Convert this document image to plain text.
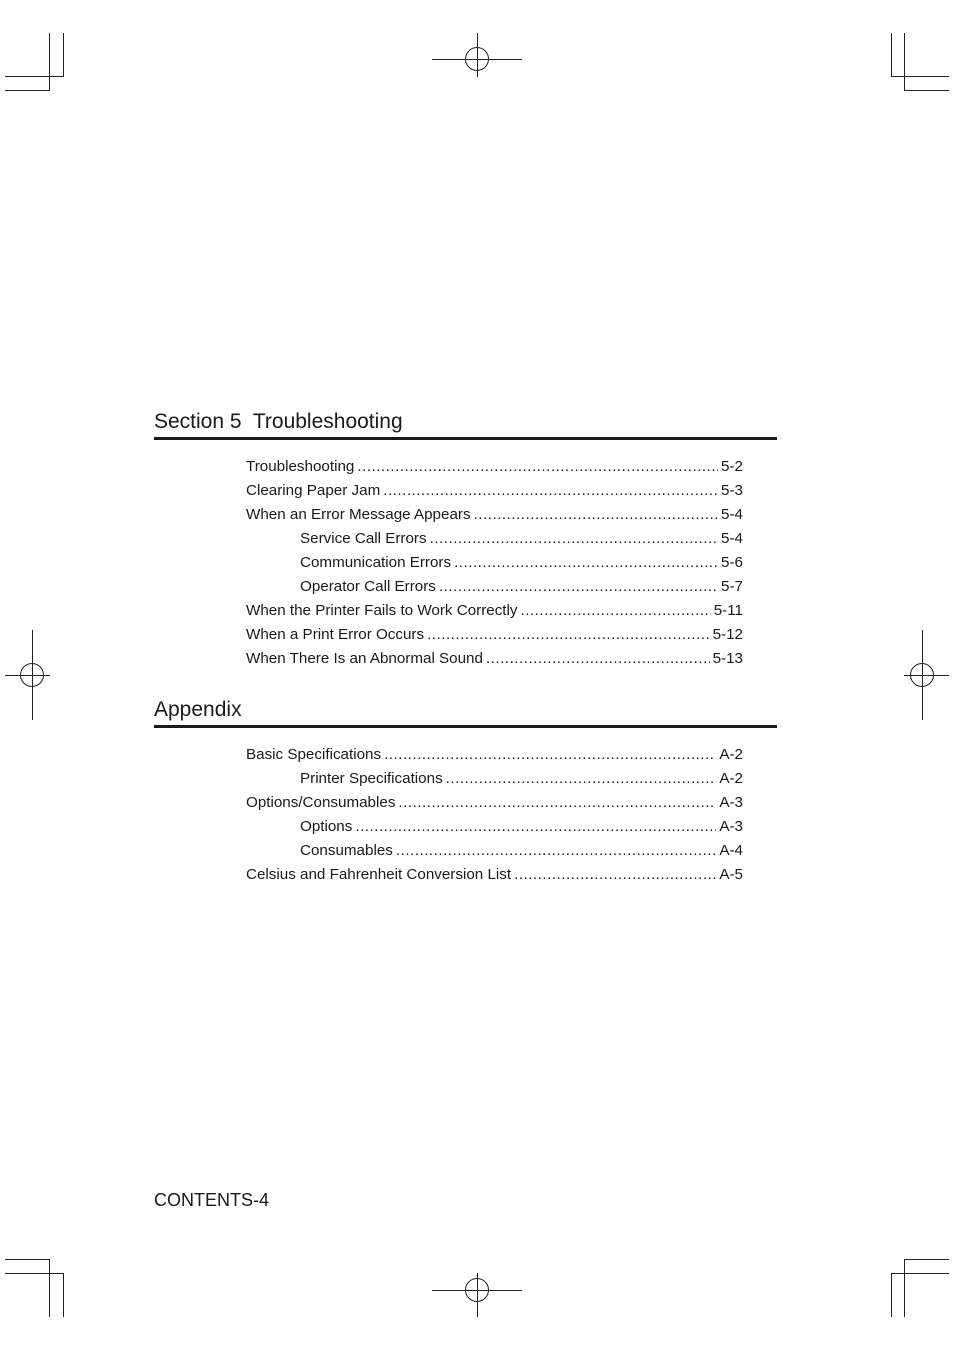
Section 5  Troubleshooting
Troubleshooting .....	5-2
Clearing Paper Jam .....	5-3
When an Error Message Appears .....	5-4
Service Call Errors .....	5-4
Communication Errors .....	5-6
Operator Call Errors .....	5-7
When the Printer Fails to Work Correctly .....	5-11
When a Print Error Occurs .....	5-12
When There Is an Abnormal Sound .....	5-13
Appendix
Basic Specifications .....	A-2
Printer Specifications .....	A-2
Options/Consumables .....	A-3
Options .....	A-3
Consumables .....	A-4
Celsius and Fahrenheit Conversion List .....	A-5
CONTENTS-4
